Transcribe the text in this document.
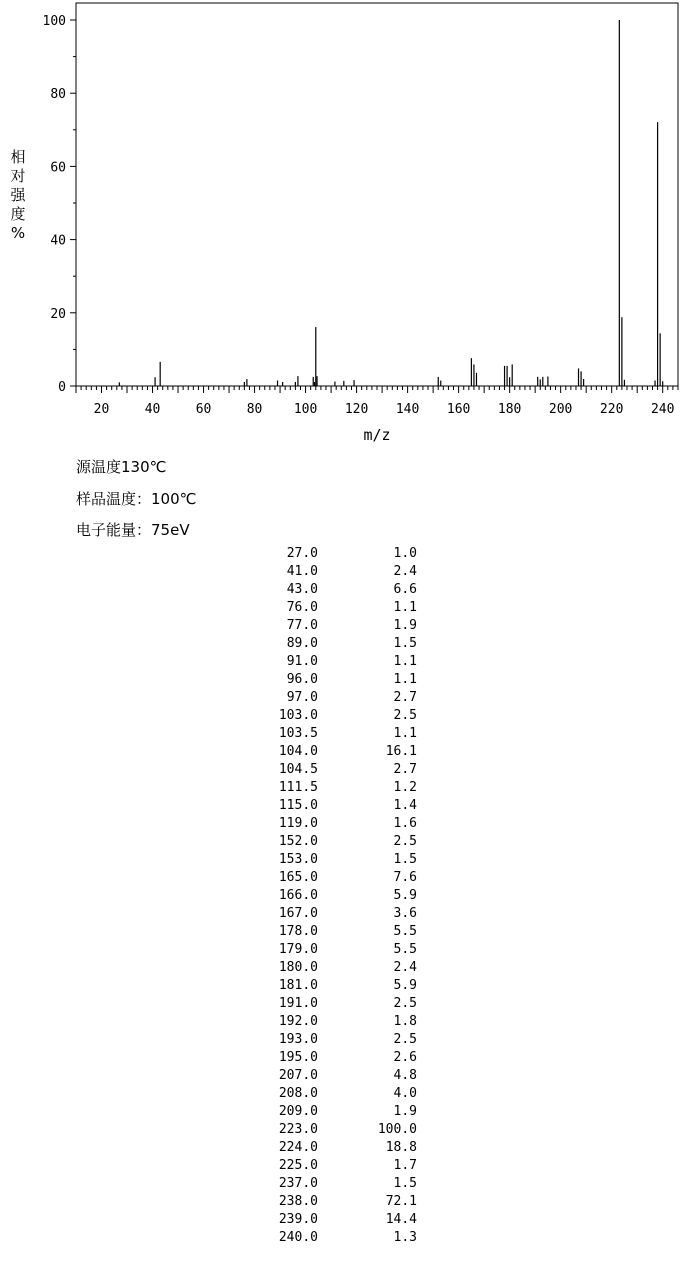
0
20
40
60
80
100
20	40	60	80 100 120 140 160 180 200 220 240
m/z
相
对
强
度
%
源温度130℃
样品温度：100℃
电子能量：75eV
27.0	1.0
41.0	2.4
43.0	6.6
76.0	1.1
77.0	1.9
89.0	1.5
91.0	1.1
96.0	1.1
97.0	2.7
103.0	2.5
103.5	1.1
104.0	16.1
104.5	2.7
111.5	1.2
115.0	1.4
119.0	1.6
152.0	2.5
153.0	1.5
165.0	7.6
166.0	5.9
167.0	3.6
178.0	5.5
179.0	5.5
180.0	2.4
181.0	5.9
191.0	2.5
192.0	1.8
193.0	2.5
195.0	2.6
207.0	4.8
208.0	4.0
209.0	1.9
223.0	100.0
224.0	18.8
225.0	1.7
237.0	1.5
238.0	72.1
239.0	14.4
240.0	1.3
